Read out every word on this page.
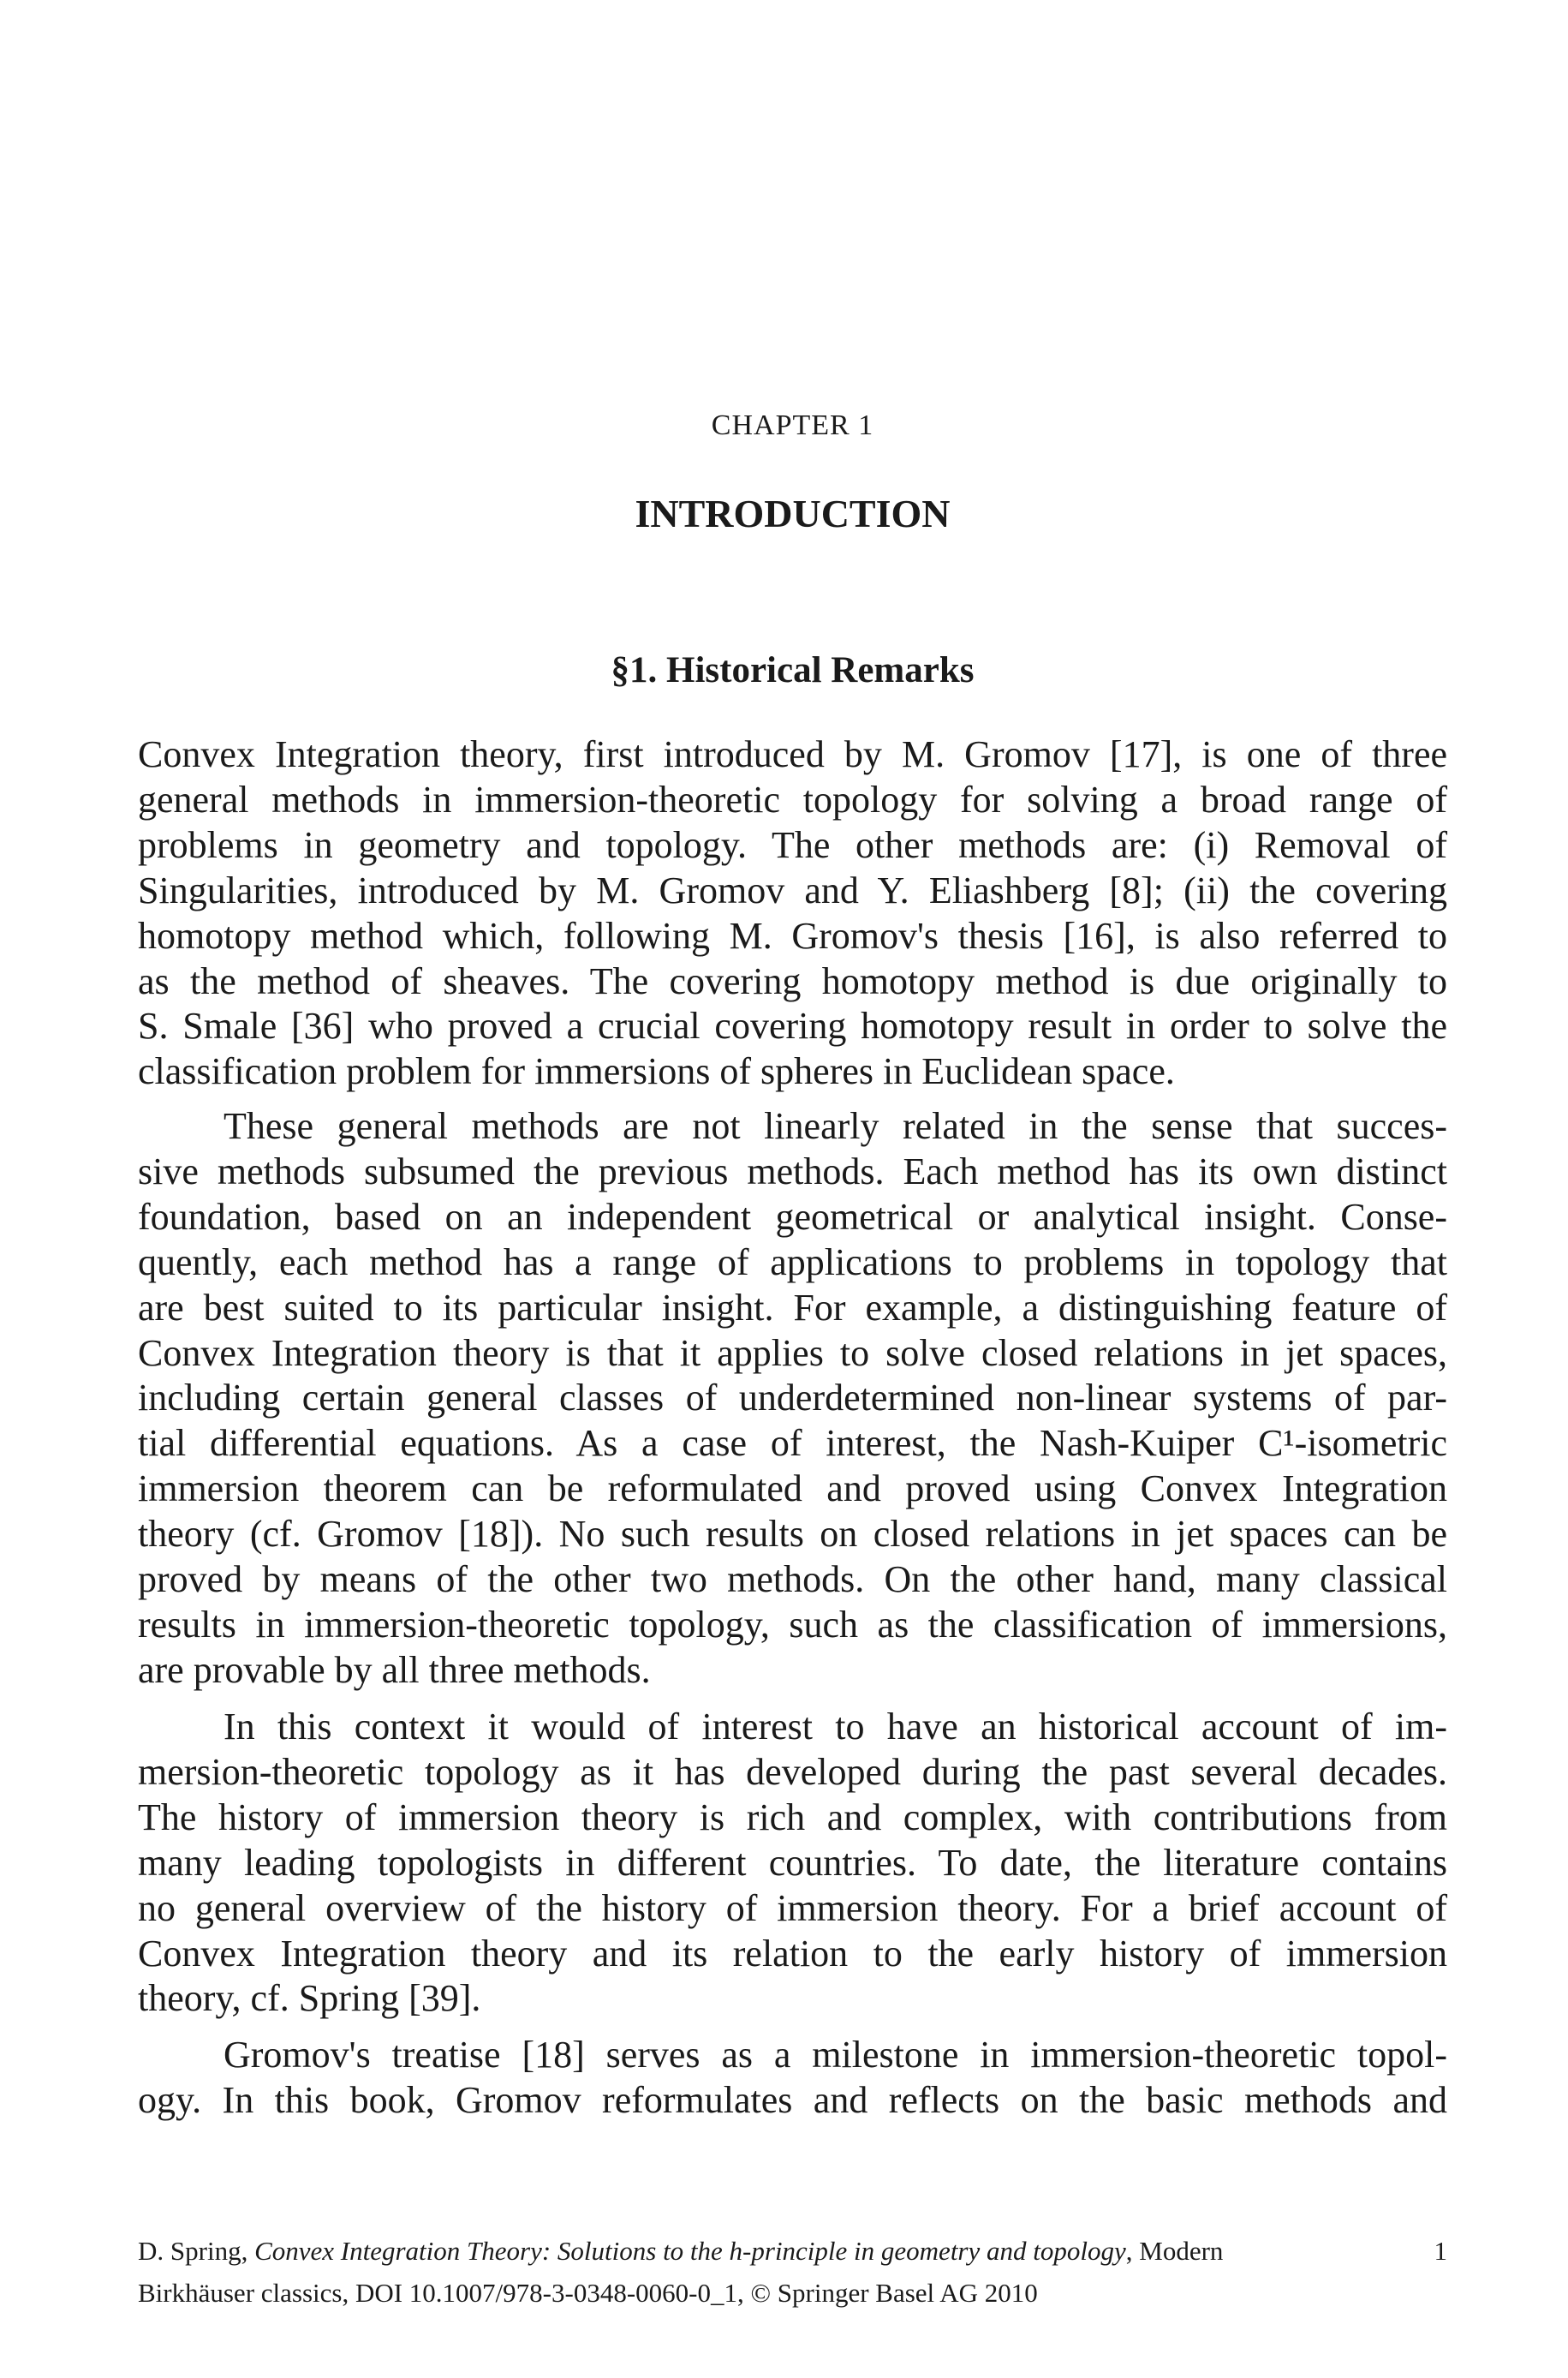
CHAPTER 1
INTRODUCTION
§1. Historical Remarks
Convex Integration theory, first introduced by M. Gromov [17], is one of three
general methods in immersion-theoretic topology for solving a broad range of
problems in geometry and topology. The other methods are: (i) Removal of
Singularities, introduced by M. Gromov and Y. Eliashberg [8]; (ii) the covering
homotopy method which, following M. Gromov's thesis [16], is also referred to
as the method of sheaves. The covering homotopy method is due originally to
S. Smale [36] who proved a crucial covering homotopy result in order to solve the
classification problem for immersions of spheres in Euclidean space.
These general methods are not linearly related in the sense that succes-
sive methods subsumed the previous methods. Each method has its own distinct
foundation, based on an independent geometrical or analytical insight. Conse-
quently, each method has a range of applications to problems in topology that
are best suited to its particular insight. For example, a distinguishing feature of
Convex Integration theory is that it applies to solve closed relations in jet spaces,
including certain general classes of underdetermined non-linear systems of par-
tial differential equations. As a case of interest, the Nash-Kuiper C¹-isometric
immersion theorem can be reformulated and proved using Convex Integration
theory (cf. Gromov [18]). No such results on closed relations in jet spaces can be
proved by means of the other two methods. On the other hand, many classical
results in immersion-theoretic topology, such as the classification of immersions,
are provable by all three methods.
In this context it would of interest to have an historical account of im-
mersion-theoretic topology as it has developed during the past several decades.
The history of immersion theory is rich and complex, with contributions from
many leading topologists in different countries. To date, the literature contains
no general overview of the history of immersion theory. For a brief account of
Convex Integration theory and its relation to the early history of immersion
theory, cf. Spring [39].
Gromov's treatise [18] serves as a milestone in immersion-theoretic topol-
ogy. In this book, Gromov reformulates and reflects on the basic methods and
D. Spring, Convex Integration Theory: Solutions to the h-principle in geometry and topology, Modern
Birkhäuser classics, DOI 10.1007/978-3-0348-0060-0_1, © Springer Basel AG 2010
1
